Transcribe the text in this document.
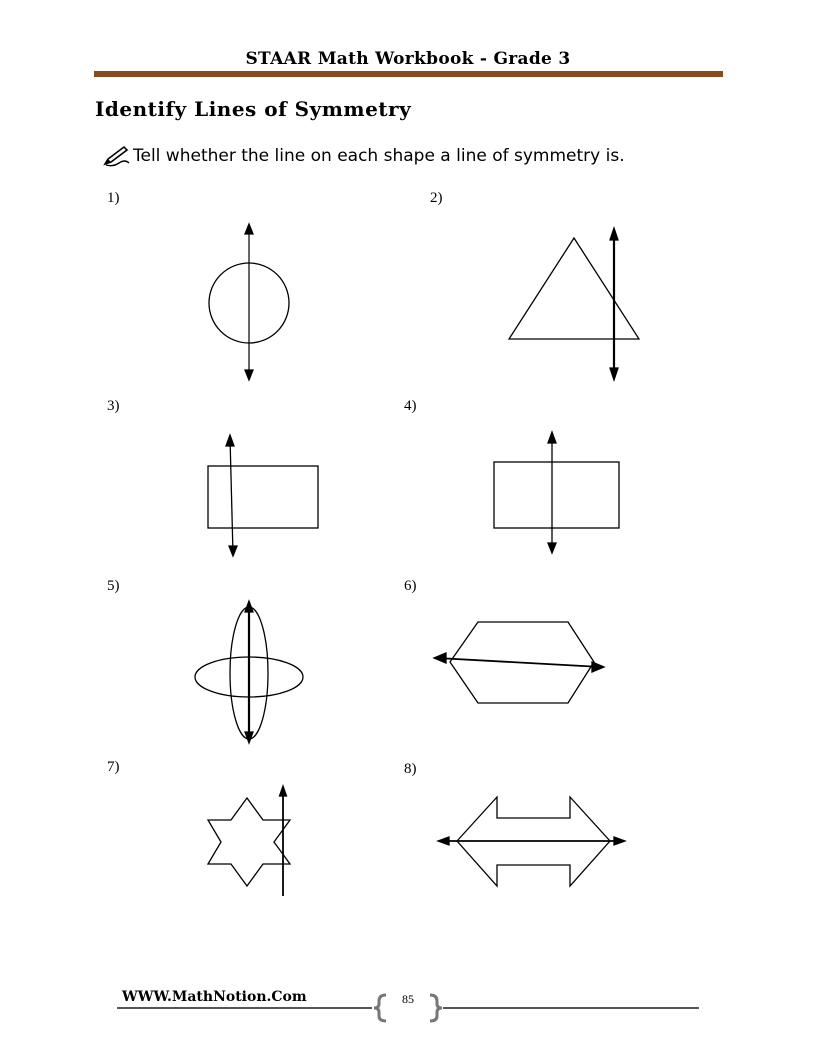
STAAR Math Workbook - Grade 3
Identify Lines of Symmetry
Tell whether the line on each shape a line of symmetry is.
1)	2)
3)	4)
5)	6)
7)	8)
WWW.MathNotion.Com	85
